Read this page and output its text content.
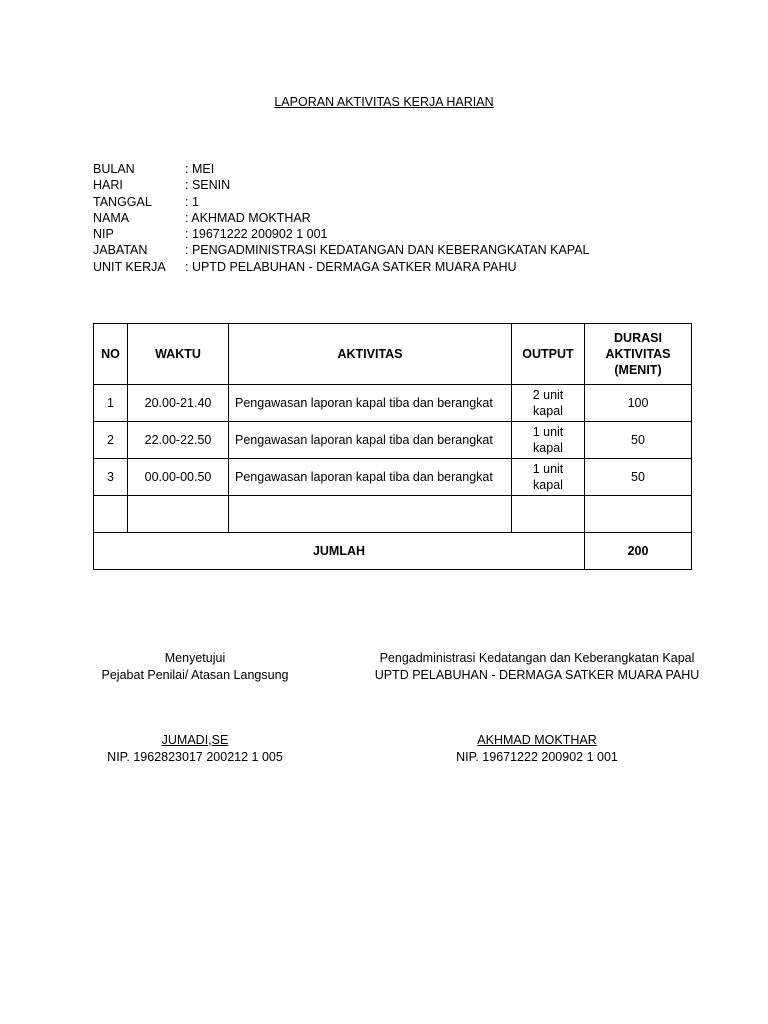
LAPORAN AKTIVITAS KERJA HARIAN
BULAN	: MEI
HARI	: SENIN
TANGGAL	: 1
NAMA	: AKHMAD MOKTHAR
NIP	: 19671222 200902 1 001
JABATAN	: PENGADMINISTRASI KEDATANGAN DAN KEBERANGKATAN KAPAL
UNIT KERJA	: UPTD PELABUHAN - DERMAGA SATKER MUARA PAHU
NO	WAKTU	AKTIVITAS	OUTPUT	DURASI
AKTIVITAS
(MENIT)

1	20.00-21.40	Pengawasan laporan kapal tiba dan berangkat	2 unit
kapal	100
2	22.00-22.50	Pengawasan laporan kapal tiba dan berangkat	1 unit
kapal	50
3	00.00-00.50	Pengawasan laporan kapal tiba dan berangkat	1 unit
kapal	50

JUMLAH				200
Menyetujui
Pejabat Penilai/ Atasan Langsung
Pengadministrasi Kedatangan dan Keberangkatan Kapal
UPTD PELABUHAN - DERMAGA SATKER MUARA PAHU
JUMADI,SE
NIP. 1962823017 200212 1 005
AKHMAD MOKTHAR
NIP. 19671222 200902 1 001
